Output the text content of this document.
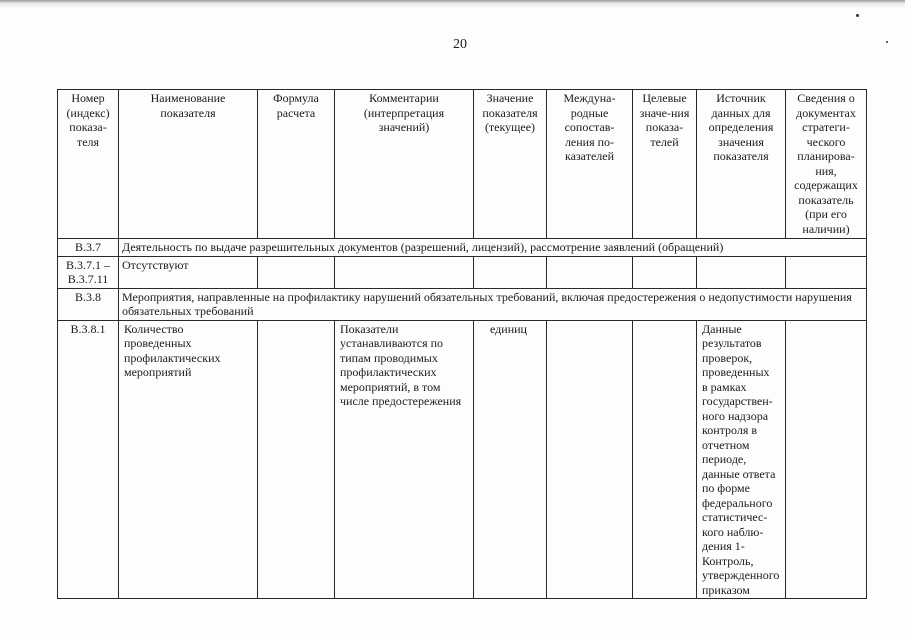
20
Номер (индекс) показа-теля	Наименование показателя	Формула расчета	Комментарии (интерпретация значений)	Значение показателя (текущее)	Междуна-родные сопостав-ления по-казателей	Целевые значе-ния показа-телей	Источник данных для определения значения показателя	Сведения о документах стратеги-ческого планирова-ния, содержащих показатель (при его наличии)
В.3.7	Деятельность по выдаче разрешительных документов (разрешений, лицензий), рассмотрение заявлений (обращений)							
В.3.7.1 – В.3.7.11	Отсутствуют							
В.3.8	Мероприятия, направленные на профилактику нарушений обязательных требований, включая предостережения о недопустимости нарушения обязательных требований							
В.3.8.1	Количество проведенных профилактических мероприятий		Показатели устанавливаются по типам проводимых профилактических мероприятий, в том числе предостережения	единиц			Данные результатов проверок, проведенных в рамках государствен-ного надзора контроля в отчетном периоде, данные ответа по форме федерального статистичес-кого наблю-дения 1-Контроль, утвержденного приказом	
